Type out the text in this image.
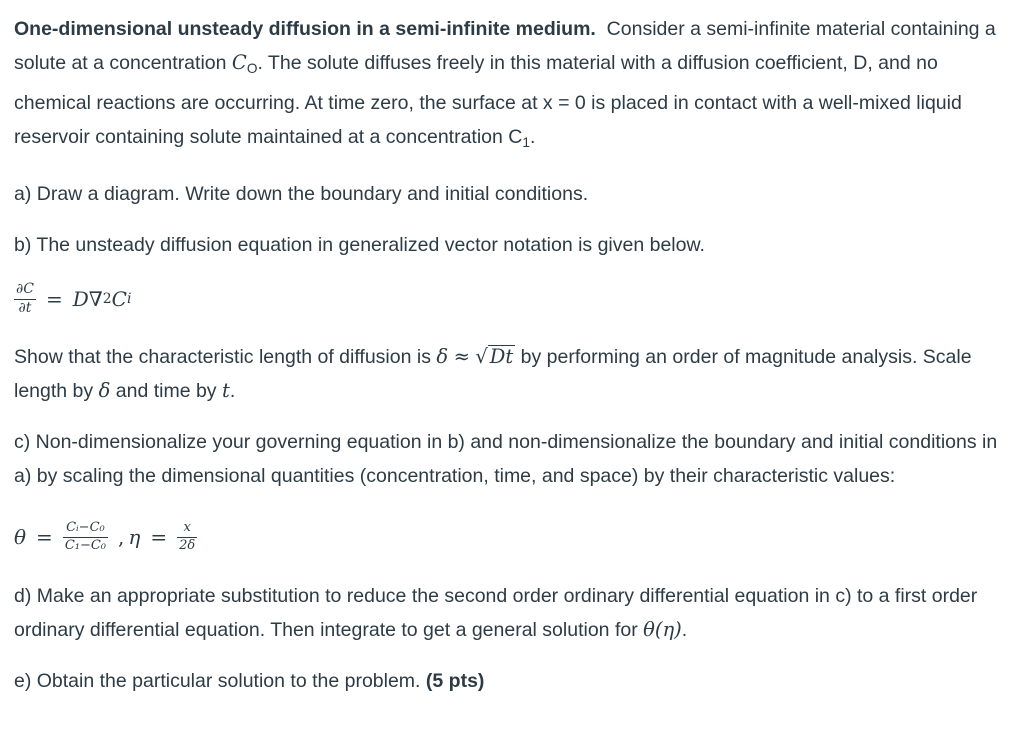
One-dimensional unsteady diffusion in a semi-infinite medium. Consider a semi-infinite material containing a solute at a concentration $C_O$. The solute diffuses freely in this material with a diffusion coefficient, D, and no chemical reactions are occurring. At time zero, the surface at x = 0 is placed in contact with a well-mixed liquid reservoir containing solute maintained at a concentration $C_1$.

a) Draw a diagram. Write down the boundary and initial conditions.

b) The unsteady diffusion equation in generalized vector notation is given below.

$\frac{\partial C}{\partial t} = D$ ∇ 2 C i

Show that the characteristic length of diffusion is δ ≈ √ Dt by performing an order of magnitude analysis. Scale length by δ and time by t.

c) Non-dimensionalize your governing equation in b) and non-dimensionalize the boundary and initial conditions in a) by scaling the dimensional quantities (concentration, time, and space) by their characteristic values:

$\theta = \frac{\text{Cᵢ−C₀}}{\text{C₁−C₀}}$ , $\eta = \frac{x}{2\delta}$

d) Make an appropriate substitution to reduce the second order ordinary differential equation in c) to a first order ordinary differential equation. Then integrate to get a general solution for θ(η).

e) Obtain the particular solution to the problem. (5 pts)
